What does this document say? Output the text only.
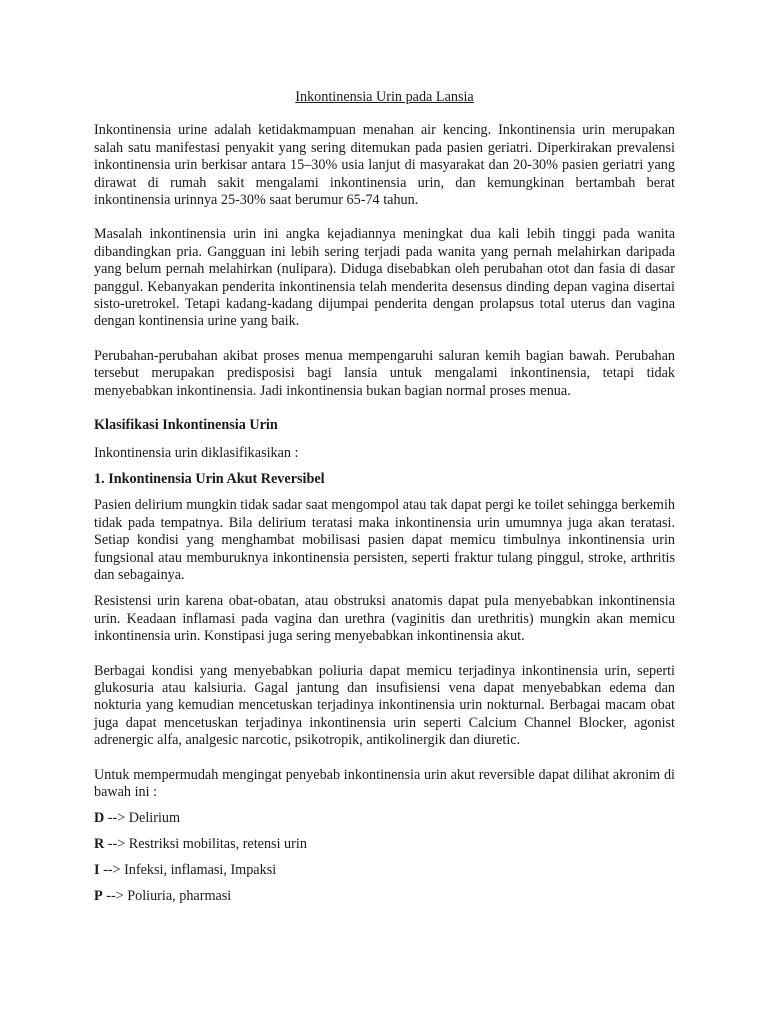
Inkontinensia Urin pada Lansia

Inkontinensia urine adalah ketidakmampuan menahan air kencing. Inkontinensia urin merupakan salah satu manifestasi penyakit yang sering ditemukan pada pasien geriatri. Diperkirakan prevalensi inkontinensia urin berkisar antara 15–30% usia lanjut di masyarakat dan 20-30% pasien geriatri yang dirawat di rumah sakit mengalami inkontinensia urin, dan kemungkinan bertambah berat inkontinensia urinnya 25-30% saat berumur 65-74 tahun.

Masalah inkontinensia urin ini angka kejadiannya meningkat dua kali lebih tinggi pada wanita dibandingkan pria. Gangguan ini lebih sering terjadi pada wanita yang pernah melahirkan daripada yang belum pernah melahirkan (nulipara). Diduga disebabkan oleh perubahan otot dan fasia di dasar panggul. Kebanyakan penderita inkontinensia telah menderita desensus dinding depan vagina disertai sisto-uretrokel. Tetapi kadang-kadang dijumpai penderita dengan prolapsus total uterus dan vagina dengan kontinensia urine yang baik.

Perubahan-perubahan akibat proses menua mempengaruhi saluran kemih bagian bawah. Perubahan tersebut merupakan predisposisi bagi lansia untuk mengalami inkontinensia, tetapi tidak menyebabkan inkontinensia. Jadi inkontinensia bukan bagian normal proses menua.

Klasifikasi Inkontinensia Urin

Inkontinensia urin diklasifikasikan :

1. Inkontinensia Urin Akut Reversibel

Pasien delirium mungkin tidak sadar saat mengompol atau tak dapat pergi ke toilet sehingga berkemih tidak pada tempatnya. Bila delirium teratasi maka inkontinensia urin umumnya juga akan teratasi. Setiap kondisi yang menghambat mobilisasi pasien dapat memicu timbulnya inkontinensia urin fungsional atau memburuknya inkontinensia persisten, seperti fraktur tulang pinggul, stroke, arthritis dan sebagainya.

Resistensi urin karena obat-obatan, atau obstruksi anatomis dapat pula menyebabkan inkontinensia urin. Keadaan inflamasi pada vagina dan urethra (vaginitis dan urethritis) mungkin akan memicu inkontinensia urin. Konstipasi juga sering menyebabkan inkontinensia akut.

Berbagai kondisi yang menyebabkan poliuria dapat memicu terjadinya inkontinensia urin, seperti glukosuria atau kalsiuria. Gagal jantung dan insufisiensi vena dapat menyebabkan edema dan nokturia yang kemudian mencetuskan terjadinya inkontinensia urin nokturnal. Berbagai macam obat juga dapat mencetuskan terjadinya inkontinensia urin seperti Calcium Channel Blocker, agonist adrenergic alfa, analgesic narcotic, psikotropik, antikolinergik dan diuretic.

Untuk mempermudah mengingat penyebab inkontinensia urin akut reversible dapat dilihat akronim di bawah ini :

D --> Delirium
R --> Restriksi mobilitas, retensi urin
I --> Infeksi, inflamasi, Impaksi
P --> Poliuria, pharmasi
